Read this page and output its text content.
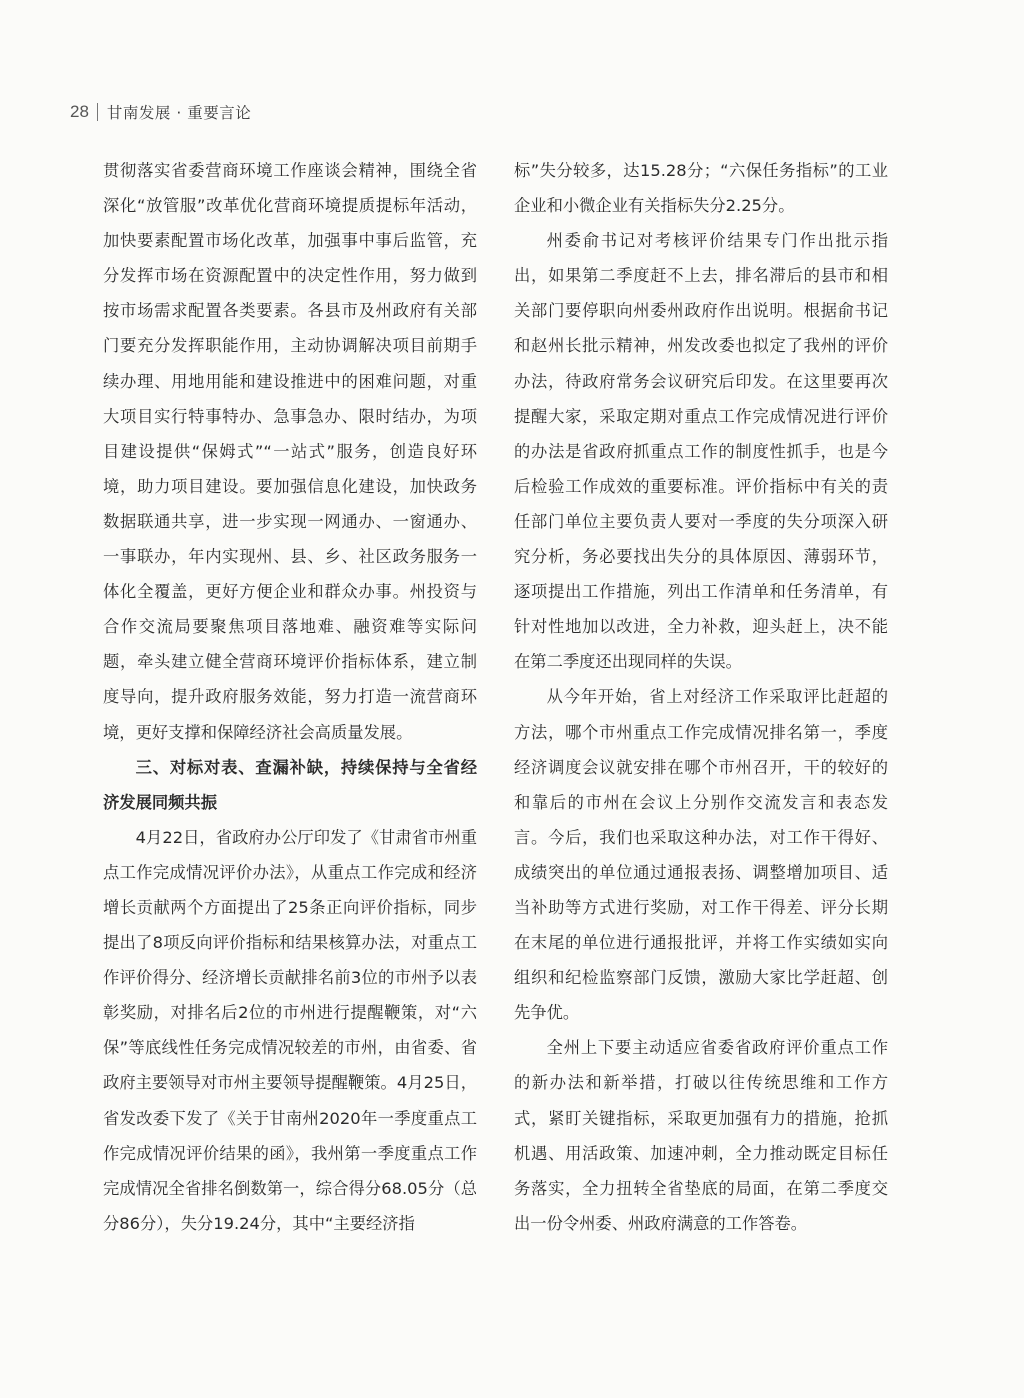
28 甘南发展 · 重要言论

贯彻落实省委营商环境工作座谈会精神，围绕全省深化“放管服”改革优化营商环境提质提标年活动，加快要素配置市场化改革，加强事中事后监管，充分发挥市场在资源配置中的决定性作用，努力做到按市场需求配置各类要素。各县市及州政府有关部门要充分发挥职能作用，主动协调解决项目前期手续办理、用地用能和建设推进中的困难问题，对重大项目实行特事特办、急事急办、限时结办，为项目建设提供“保姆式”“一站式”服务，创造良好环境，助力项目建设。要加强信息化建设，加快政务数据联通共享，进一步实现一网通办、一窗通办、一事联办，年内实现州、县、乡、社区政务服务一体化全覆盖，更好方便企业和群众办事。州投资与合作交流局要聚焦项目落地难、融资难等实际问题，牵头建立健全营商环境评价指标体系，建立制度导向，提升政府服务效能，努力打造一流营商环境，更好支撑和保障经济社会高质量发展。

三、对标对表、查漏补缺，持续保持与全省经济发展同频共振

4月22日，省政府办公厅印发了《甘肃省市州重点工作完成情况评价办法》，从重点工作完成和经济增长贡献两个方面提出了25条正向评价指标，同步提出了8项反向评价指标和结果核算办法，对重点工作评价得分、经济增长贡献排名前3位的市州予以表彰奖励，对排名后2位的市州进行提醒鞭策，对“六保”等底线性任务完成情况较差的市州，由省委、省政府主要领导对市州主要领导提醒鞭策。4月25日，省发改委下发了《关于甘南州2020年一季度重点工作完成情况评价结果的函》，我州第一季度重点工作完成情况全省排名倒数第一，综合得分68.05分（总分86分），失分19.24分，其中“主要经济指

标”失分较多，达15.28分；“六保任务指标”的工业企业和小微企业有关指标失分2.25分。

州委俞书记对考核评价结果专门作出批示指出，如果第二季度赶不上去，排名滞后的县市和相关部门要停职向州委州政府作出说明。根据俞书记和赵州长批示精神，州发改委也拟定了我州的评价办法，待政府常务会议研究后印发。在这里要再次提醒大家，采取定期对重点工作完成情况进行评价的办法是省政府抓重点工作的制度性抓手，也是今后检验工作成效的重要标准。评价指标中有关的责任部门单位主要负责人要对一季度的失分项深入研究分析，务必要找出失分的具体原因、薄弱环节，逐项提出工作措施，列出工作清单和任务清单，有针对性地加以改进，全力补救，迎头赶上，决不能在第二季度还出现同样的失误。

从今年开始，省上对经济工作采取评比赶超的方法，哪个市州重点工作完成情况排名第一，季度经济调度会议就安排在哪个市州召开，干的较好的和靠后的市州在会议上分别作交流发言和表态发言。今后，我们也采取这种办法，对工作干得好、成绩突出的单位通过通报表扬、调整增加项目、适当补助等方式进行奖励，对工作干得差、评分长期在末尾的单位进行通报批评，并将工作实绩如实向组织和纪检监察部门反馈，激励大家比学赶超、创先争优。

全州上下要主动适应省委省政府评价重点工作的新办法和新举措，打破以往传统思维和工作方式，紧盯关键指标，采取更加强有力的措施，抢抓机遇、用活政策、加速冲刺，全力推动既定目标任务落实，全力扭转全省垫底的局面，在第二季度交出一份令州委、州政府满意的工作答卷。
